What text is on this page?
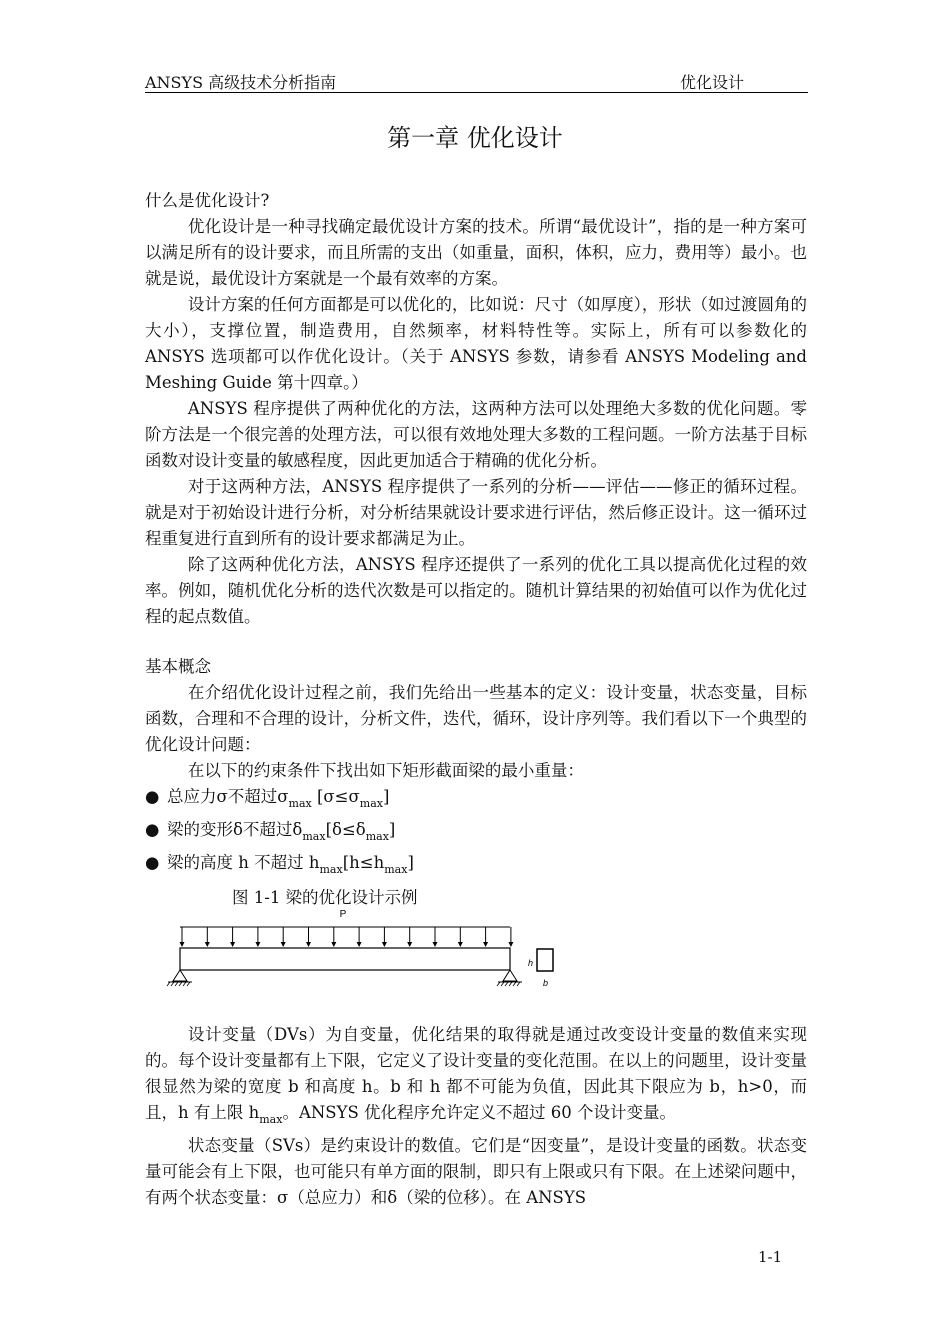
ANSYS 高级技术分析指南	优化设计
第一章 优化设计

什么是优化设计?

优化设计是一种寻找确定最优设计方案的技术。所谓“最优设计”，指的是一种方案可以满足所有的设计要求，而且所需的支出（如重量，面积，体积，应力，费用等）最小。也就是说，最优设计方案就是一个最有效率的方案。

设计方案的任何方面都是可以优化的，比如说：尺寸（如厚度），形状（如过渡圆角的大小），支撑位置，制造费用，自然频率，材料特性等。实际上，所有可以参数化的 ANSYS 选项都可以作优化设计。（关于 ANSYS 参数，请参看 ANSYS Modeling and Meshing Guide 第十四章。）

ANSYS 程序提供了两种优化的方法，这两种方法可以处理绝大多数的优化问题。零阶方法是一个很完善的处理方法，可以很有效地处理大多数的工程问题。一阶方法基于目标函数对设计变量的敏感程度，因此更加适合于精确的优化分析。

对于这两种方法，ANSYS 程序提供了一系列的分析——评估——修正的循环过程。就是对于初始设计进行分析，对分析结果就设计要求进行评估，然后修正设计。这一循环过程重复进行直到所有的设计要求都满足为止。

除了这两种优化方法，ANSYS 程序还提供了一系列的优化工具以提高优化过程的效率。例如，随机优化分析的迭代次数是可以指定的。随机计算结果的初始值可以作为优化过程的起点数值。

基本概念

在介绍优化设计过程之前，我们先给出一些基本的定义：设计变量，状态变量，目标函数，合理和不合理的设计，分析文件，迭代，循环，设计序列等。我们看以下一个典型的优化设计问题：

在以下的约束条件下找出如下矩形截面梁的最小重量：

● 总应力σ不超过$\sigma_{max}$ $[\sigma\le\sigma_{max}]$

● 梁的变形δ不超过$\delta_{max}[\delta\le\delta_{max}]$

● 梁的高度 h 不超过 $h_{max}[h\le h_{max}]$

图 1-1 梁的优化设计示例
P
h
b

设计变量（DVs）为自变量，优化结果的取得就是通过改变设计变量的数值来实现的。每个设计变量都有上下限，它定义了设计变量的变化范围。在以上的问题里，设计变量很显然为梁的宽度 b 和高度 h。b 和 h 都不可能为负值，因此其下限应为 b，h>0，而且，h 有上限 $h_{max}$。ANSYS 优化程序允许定义不超过 60 个设计变量。

状态变量（SVs）是约束设计的数值。它们是“因变量”，是设计变量的函数。状态变量可能会有上下限，也可能只有单方面的限制，即只有上限或只有下限。在上述梁问题中，有两个状态变量：σ（总应力）和δ（梁的位移）。在 ANSYS

1-1
